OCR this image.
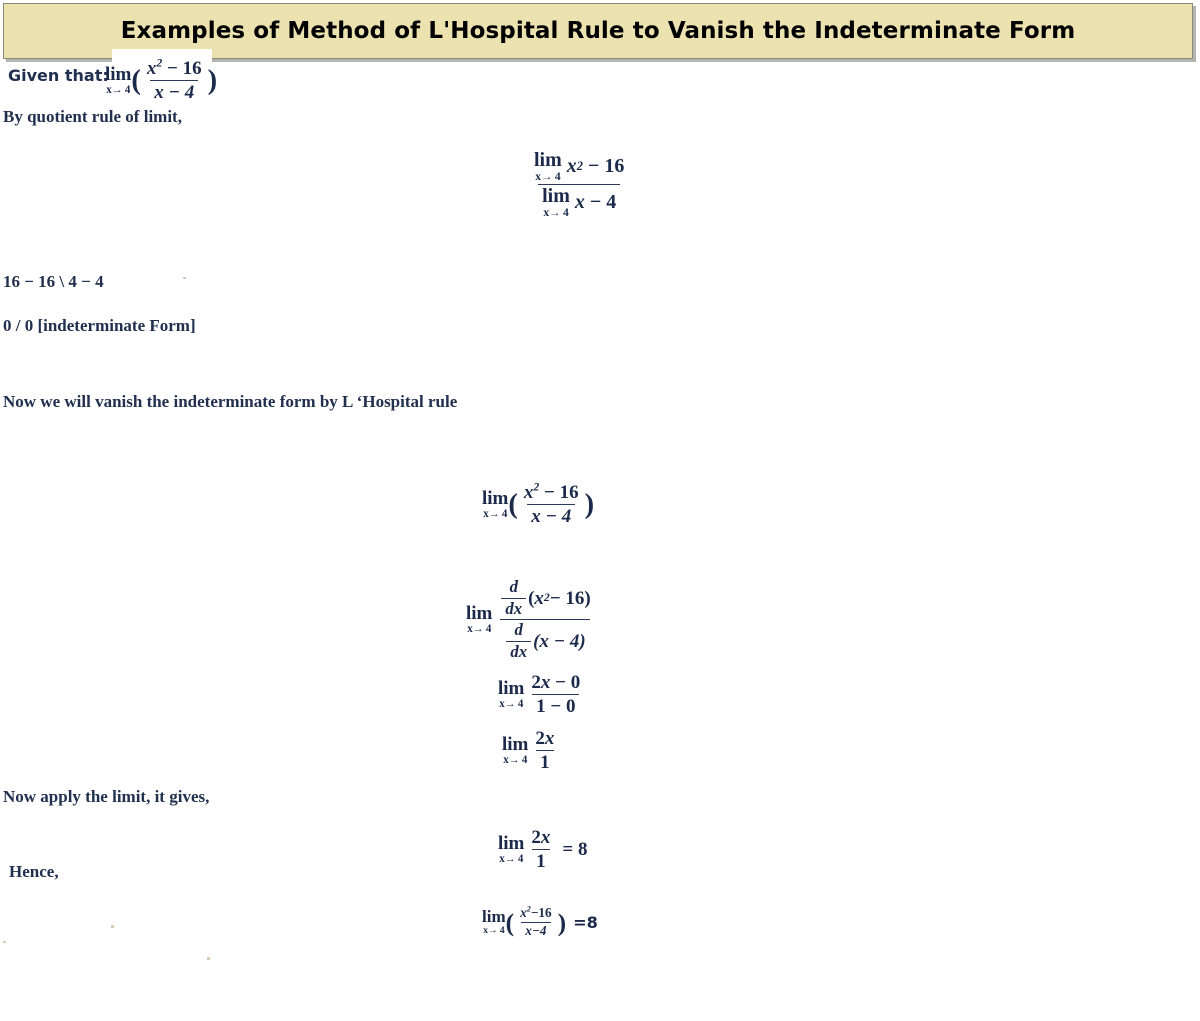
Examples of Method of L'Hospital Rule to Vanish the Indeterminate Form
Given that:
lim
x→ 4 ( $\frac{x^2 - 16}{x - 4}$ )
By quotient rule of limit,
lim
x→ 4 x 2 − 16
lim
x→ 4 x − 4
16 − 16 \ 4 − 4
0 / 0 [indeterminate Form]
Now we will vanish the indeterminate form by L ‘Hospital rule
lim
x→ 4 ( $\frac{x^2 - 16}{x - 4}$ )
lim
$x\to 4 \frac{\frac{d}{dx} ( x 2 - 16)}{\frac{d}{dx} (x - 4)}$
lim
$x\to 4 \frac{2x - 0}{1 - 0}$
lim
$x\to 4 \frac{2x}{1}$
Now apply the limit, it gives,
lim
$x\to 4 \frac{2x}{1} = 8$
Hence,
lim
x→ 4 ( $\frac{x^2-16}{x-4}$ ) =8
